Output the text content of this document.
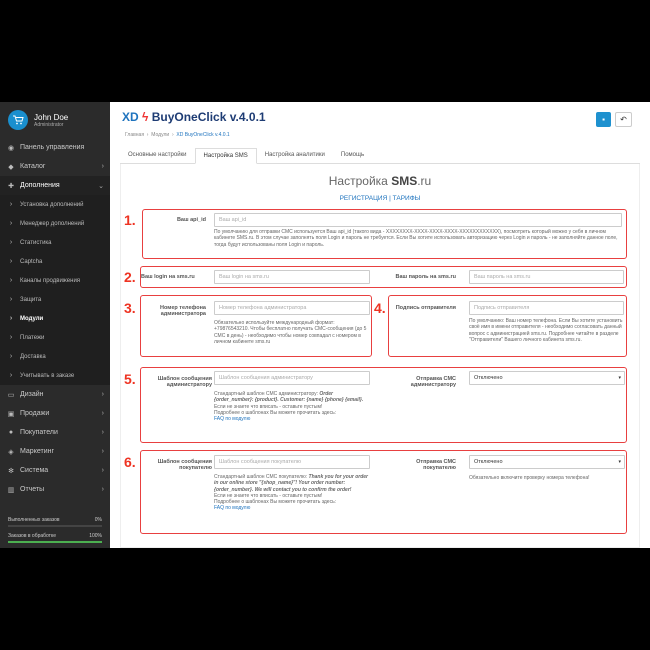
John Doe
Administrator
◉ Панель управления
◆ Каталог	›
✚ Дополнения	⌄
›	Установка дополнений
›	Менеджер дополнений
›	Статистика
›	Captcha
›	Каналы продвижения
›	Защита
›	Модули
›	Платежи
›	Доставка
›	Учитывать в заказе
▭ Дизайн	›
▣ Продажи	›
● Покупатели	›
◈ Маркетинг	›
✻ Система	›
▥ Отчеты	›
Выполненных заказов	0%
Заказов в обработке	100%
XD ϟ BuyOneClick v.4.0.1
Главная  ›  Модули  ›  XD BuyOneClick v.4.0.1
▪ ↶
Основные настройки	Настройка SMS	Настройка аналитики	Помощь
Настройка SMS.ru
РЕГИСТРАЦИЯ | ТАРИФЫ
1.	Ваш api_id	Ваш api_id
По умолчанию для отправки СМС используется Ваш api_id (такого вида - XXXXXXXX-XXXX-XXXX-XXXX-XXXXXXXXXXXX), посмотреть который можно у себя в личном кабинете SMS.ru. В этом случае заполнять поля Login и пароль не требуется. Если Вы хотите использовать авторизацию через Login и пароль - не заполняйте данное поле, тогда будут использованы поля Login и пароль.
2. Ваш login на sms.ru	Ваш login на sms.ru	Ваш пароль на sms.ru	Ваш пароль на sms.ru
3.	Номер телефона администратора
Номер телефона администратора
Обязательно используйте международный формат: +79876543210. Чтобы бесплатно получать СМС-сообщения (до 5 СМС в день) - необходимо чтобы номер совпадал с номером в личном кабинете sms.ru
4.	Подпись отправителя	Подпись отправителя
По умолчанию: Ваш номер телефона. Если Вы хотите установить своё имя в имени отправителя - необходимо согласовать данный вопрос с администрацией sms.ru. Подробнее читайте в разделе "Отправители" Вашего личного кабинета sms.ru.
5.	Шаблон сообщения администратору
Шаблон сообщения администратору
Стандартный шаблон СМС администратору: Order {order_number}: {product}. Customer: {name} {phone} {email}.
Если не знаете что вписать - оставьте пустым!
Подробнее о шаблонах Вы можете прочитать здесь:
FAQ по модулю
Отправка СМС администратору
Отключено	▾
6.	Шаблон сообщения покупателю
Шаблон сообщения покупателю
Стандартный шаблон СМС покупателю: Thank you for your order in our online store "{shop_name}"! Your order number: {order_number}. We will contact you to confirm the order!
Если не знаете что вписать - оставьте пустым!
Подробнее о шаблонах Вы можете прочитать здесь:
FAQ по модулю
Отправка СМС покупателю
Отключено	▾
Обязательно включите проверку номера телефона!
